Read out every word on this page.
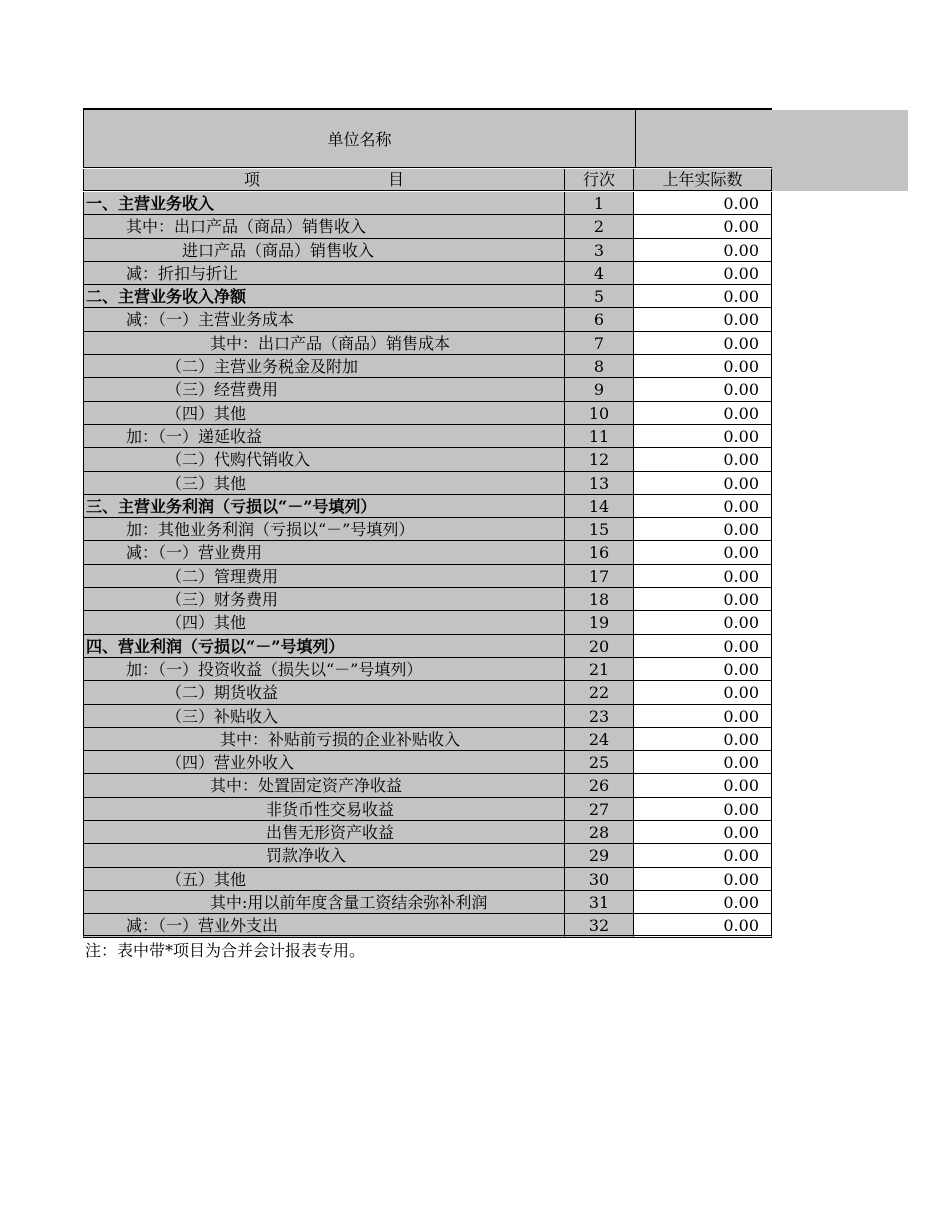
单位名称
项　　　　　　　　目	行次	上年实际数
一、主营业务收入	1	0.00
其中：出口产品（商品）销售收入	2	0.00
进口产品（商品）销售收入	3	0.00
减：折扣与折让	4	0.00
二、主营业务收入净额	5	0.00
减：（一）主营业务成本	6	0.00
其中：出口产品（商品）销售成本	7	0.00
（二）主营业务税金及附加	8	0.00
（三）经营费用	9	0.00
（四）其他	10	0.00
加：（一）递延收益	11	0.00
（二）代购代销收入	12	0.00
（三）其他	13	0.00
三、主营业务利润（亏损以“－”号填列）	14	0.00
加：其他业务利润（亏损以“－”号填列）	15	0.00
减：（一）营业费用	16	0.00
（二）管理费用	17	0.00
（三）财务费用	18	0.00
（四）其他	19	0.00
四、营业利润（亏损以“－”号填列）	20	0.00
加：（一）投资收益（损失以“－”号填列）	21	0.00
（二）期货收益	22	0.00
（三）补贴收入	23	0.00
其中：补贴前亏损的企业补贴收入	24	0.00
（四）营业外收入	25	0.00
其中：处置固定资产净收益	26	0.00
非货币性交易收益	27	0.00
出售无形资产收益	28	0.00
罚款净收入	29	0.00
（五）其他	30	0.00
其中:用以前年度含量工资结余弥补利润	31	0.00
减：（一）营业外支出	32	0.00
注：表中带*项目为合并会计报表专用。
